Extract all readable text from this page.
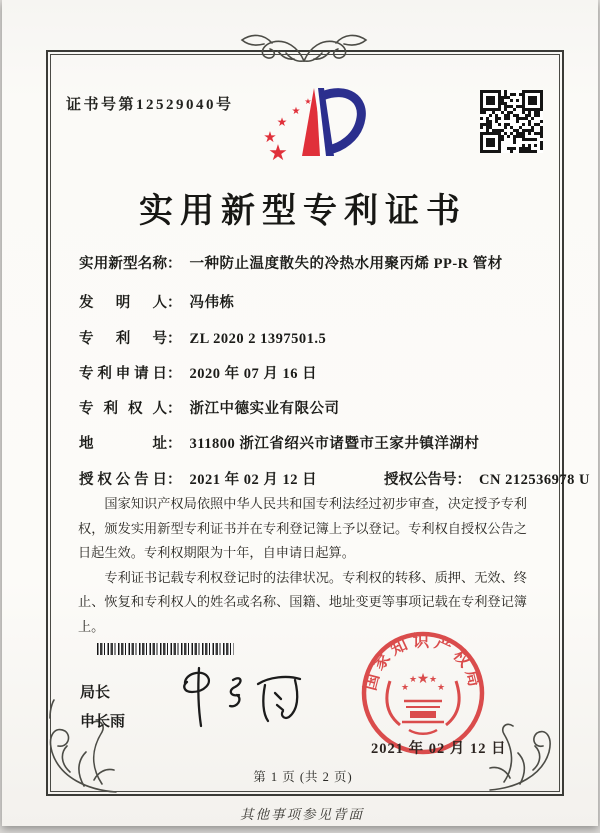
证书号第12529040号
★
★
★
★
★
实用新型专利证书
实用新型名称： 一种防止温度散失的冷热水用聚丙烯 PP-R 管材
发明人： 冯伟栋
专利号： ZL 2020 2 1397501.5
专利申请日： 2020 年 07 月 16 日
专利权人： 浙江中德实业有限公司
地址： 311800 浙江省绍兴市诸暨市王家井镇洋湖村
授权公告日： 2021 年 02 月 12 日	授权公告号： CN 212536978 U

国家知识产权局依照中华人民共和国专利法经过初步审查，决定授予专利权，颁发实用新型专利证书并在专利登记簿上予以登记。专利权自授权公告之日起生效。专利权期限为十年，自申请日起算。

专利证书记载专利权登记时的法律状况。专利权的转移、质押、无效、终止、恢复和专利权人的姓名或名称、国籍、地址变更等事项记载在专利登记簿上。

局长
申长雨
国家知识产权局
★
★
★ ★
★
2021 年 02 月 12 日
第 1 页 (共 2 页)
其他事项参见背面
